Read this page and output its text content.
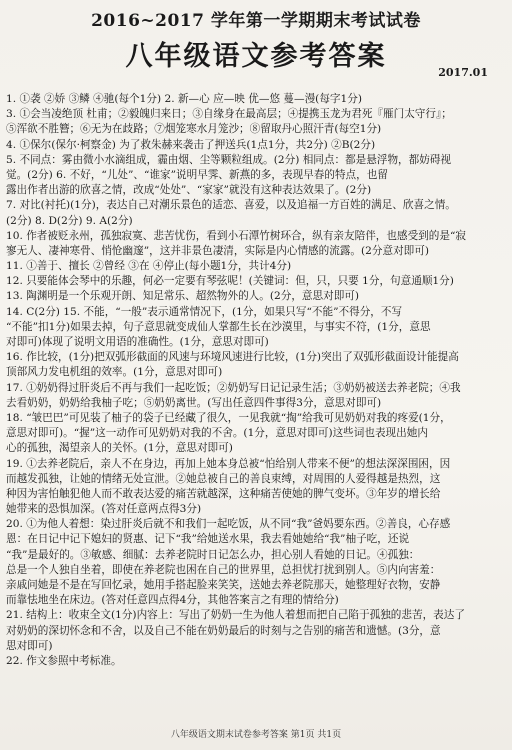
2016~2017 学年第一学期期末考试试卷
八年级语文参考答案
2017.01
1. ①袭 ②娇 ③鳞 ④驰(每个1分) 2. 新—心 应—映 优—悠 蔓—漫(每字1分)
3. ①会当凌绝顶 杜甫；②毅魄归来日；③自缘身在最高层；④提携玉龙为君死『雁门太守行』；
⑤浑欲不胜簪；⑥无为在歧路；⑦烟笼寒水月笼沙；⑧留取丹心照汗青(每空1分)
4. ①保尔(保尔·柯察金) 为了救朱赫来袭击了押送兵(1点1分，共2分) ②B(2分)
5. 不同点：雾由微小水滴组成，霾由烟、尘等颗粒组成。(2分) 相同点：都是悬浮物，都妨碍视
觉。(2分) 6. 不好，“儿处”、“谁家”说明早霁、新燕的多，表现早春的特点，也留
露出作者出游的欣喜之情，改成“处处”、“家家”就没有这种表达效果了。(2分)
7. 对比(衬托)(1分)，表达自己对潮乐景色的适恋、喜爱，以及追福一方百姓的满足、欣喜之情。
(2分) 8. D(2分) 9. A(2分)
10. 作者被贬永州，孤独寂寞、悲苦忧伤，看到小石潭竹树环合，纵有亲友陪伴，也感受到的是“寂
寥无人、凄神寒骨、悄怆幽邃”，这并非景色凄清，实际是内心情感的流露。(2分意对即可)
11. ①善于、擅长 ②曾经 ③在 ④停止(每小题1分，共计4分)
12. 只要能体会琴中的乐趣，何必一定要有琴弦呢！(关键词：但，只，只要 1分，句意通顺1分)
13. 陶渊明是一个乐观开朗、知足常乐、超然物外的人。(2分，意思对即可)
14. C(2分) 15. 不能，“一般”表示通常情况下，(1分，如果只写“不能”不得分，不写
“不能”扣1分)如果去掉，句子意思就变成仙人掌都生长在沙漠里，与事实不符，(1分，意思
对即可)体现了说明文用语的准确性。(1分，意思对即可)
16. 作比较，(1分)把双弧形截面的风速与环境风速进行比较，(1分)突出了双弧形截面设计能提高
顶部风力发电机组的效率。(1分，意思对即可)
17. ①奶奶得过肝炎后不再与我们一起吃饭；②奶奶写日记记录生活；③奶奶被送去养老院；④我
去看奶奶，奶奶给我柚子吃；⑤奶奶离世。(写出任意四件事得3分，意思对即可)
18. “皱巴巴”可见装了柚子的袋子已经藏了很久，一见我就“掏”给我可见奶奶对我的疼爱(1分，
意思对即可)。“握”这一动作可见奶奶对我的不舍。(1分，意思对即可)这些词也表现出她内
心的孤独，渴望亲人的关怀。(1分，意思对即可)
19. ①去养老院后，亲人不在身边，再加上她本身总被“怕给别人带来不便”的想法深深围困，因
而越发孤独，让她的情绪无处宣泄。②她总被自己的善良束缚，对周围的人爱得越是热烈，这
种因为害怕触犯他人而不敢表达爱的痛苦就越深，这种痛苦使她的脾气变坏。③年岁的增长给
她带来的恐惧加深。(答对任意两点得3分)
20. ①为他人着想：染过肝炎后就不和我们一起吃饭，从不同“我”爸妈要东西。②善良，心存感
恩：在日记中记下媳妇的贤惠、记下“我”给她送水果，我去看她她给“我”柚子吃，还说
“我”是最好的。③敏感、细腻：去养老院时日记怎么办，担心别人看她的日记。④孤独：
总是一个人独自坐着，即使在养老院也困在自己的世界里，总担忧打扰到别人。⑤内向害羞：
亲戚问她是不是在写回忆录，她用手搭起脸来笑笑，送她去养老院那天，她整理好衣物，安静
而靠怯地坐在床边。(答对任意四点得4分，其他答案言之有理的情给分)
21. 结构上：收束全文(1分)内容上：写出了奶奶一生为他人着想而把自己陷于孤独的悲苦，表达了
对奶奶的深切怀念和不舍，以及自己不能在奶奶最后的时刻与之告别的痛苦和遗憾。(3分，意
思对即可)
22. 作文参照中考标准。
八年级语文期末试卷参考答案 第1页 共1页
